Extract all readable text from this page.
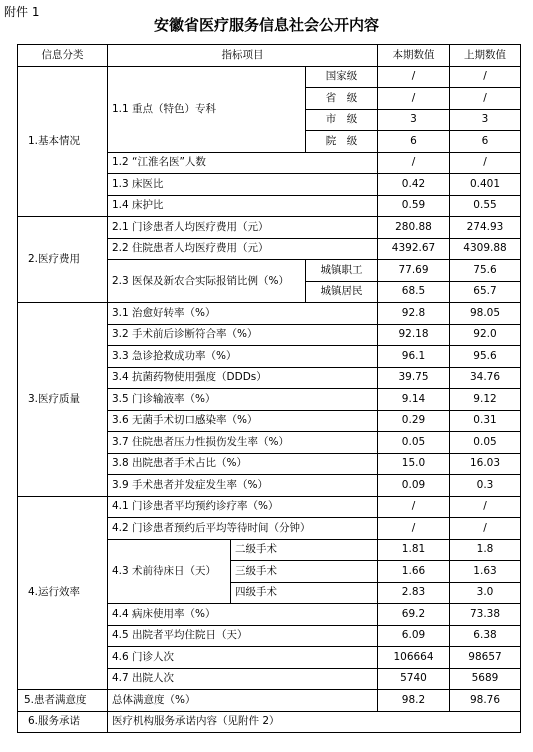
附件 1
安徽省医疗服务信息社会公开内容
信息分类	指标项目			本期数值	上期数值
1.基本情况	1.1 重点（特色）专科		国家级	/	/
			省　级	/	/
			市　级	3	3
			院　级	6	6
	1.2 “江淮名医”人数			/	/
	1.3 床医比			0.42	0.401
	1.4 床护比			0.59	0.55
2.医疗费用	2.1 门诊患者人均医疗费用（元）			280.88	274.93
	2.2 住院患者人均医疗费用（元）			4392.67	4309.88
	2.3 医保及新农合实际报销比例（%）		城镇职工	77.69	75.6
			城镇居民	68.5	65.7
3.医疗质量	3.1 治愈好转率（%）			92.8	98.05
	3.2 手术前后诊断符合率（%）			92.18	92.0
	3.3 急诊抢救成功率（%）			96.1	95.6
	3.4 抗菌药物使用强度（DDDs）			39.75	34.76
	3.5 门诊输液率（%）			9.14	9.12
	3.6 无菌手术切口感染率（%）			0.29	0.31
	3.7 住院患者压力性损伤发生率（%）			0.05	0.05
	3.8 出院患者手术占比（%）			15.0	16.03
	3.9 手术患者并发症发生率（%）			0.09	0.3
4.运行效率	4.1 门诊患者平均预约诊疗率（%）			/	/
	4.2 门诊患者预约后平均等待时间（分钟）			/	/
	4.3 术前待床日（天）	二级手术		1.81	1.8
		三级手术		1.66	1.63
		四级手术		2.83	3.0
	4.4 病床使用率（%）			69.2	73.38
	4.5 出院者平均住院日（天）			6.09	6.38
	4.6 门诊人次			106664	98657
	4.7 出院人次			5740	5689
5.患者满意度	总体满意度（%）			98.2	98.76
6.服务承诺	医疗机构服务承诺内容（见附件 2）				
